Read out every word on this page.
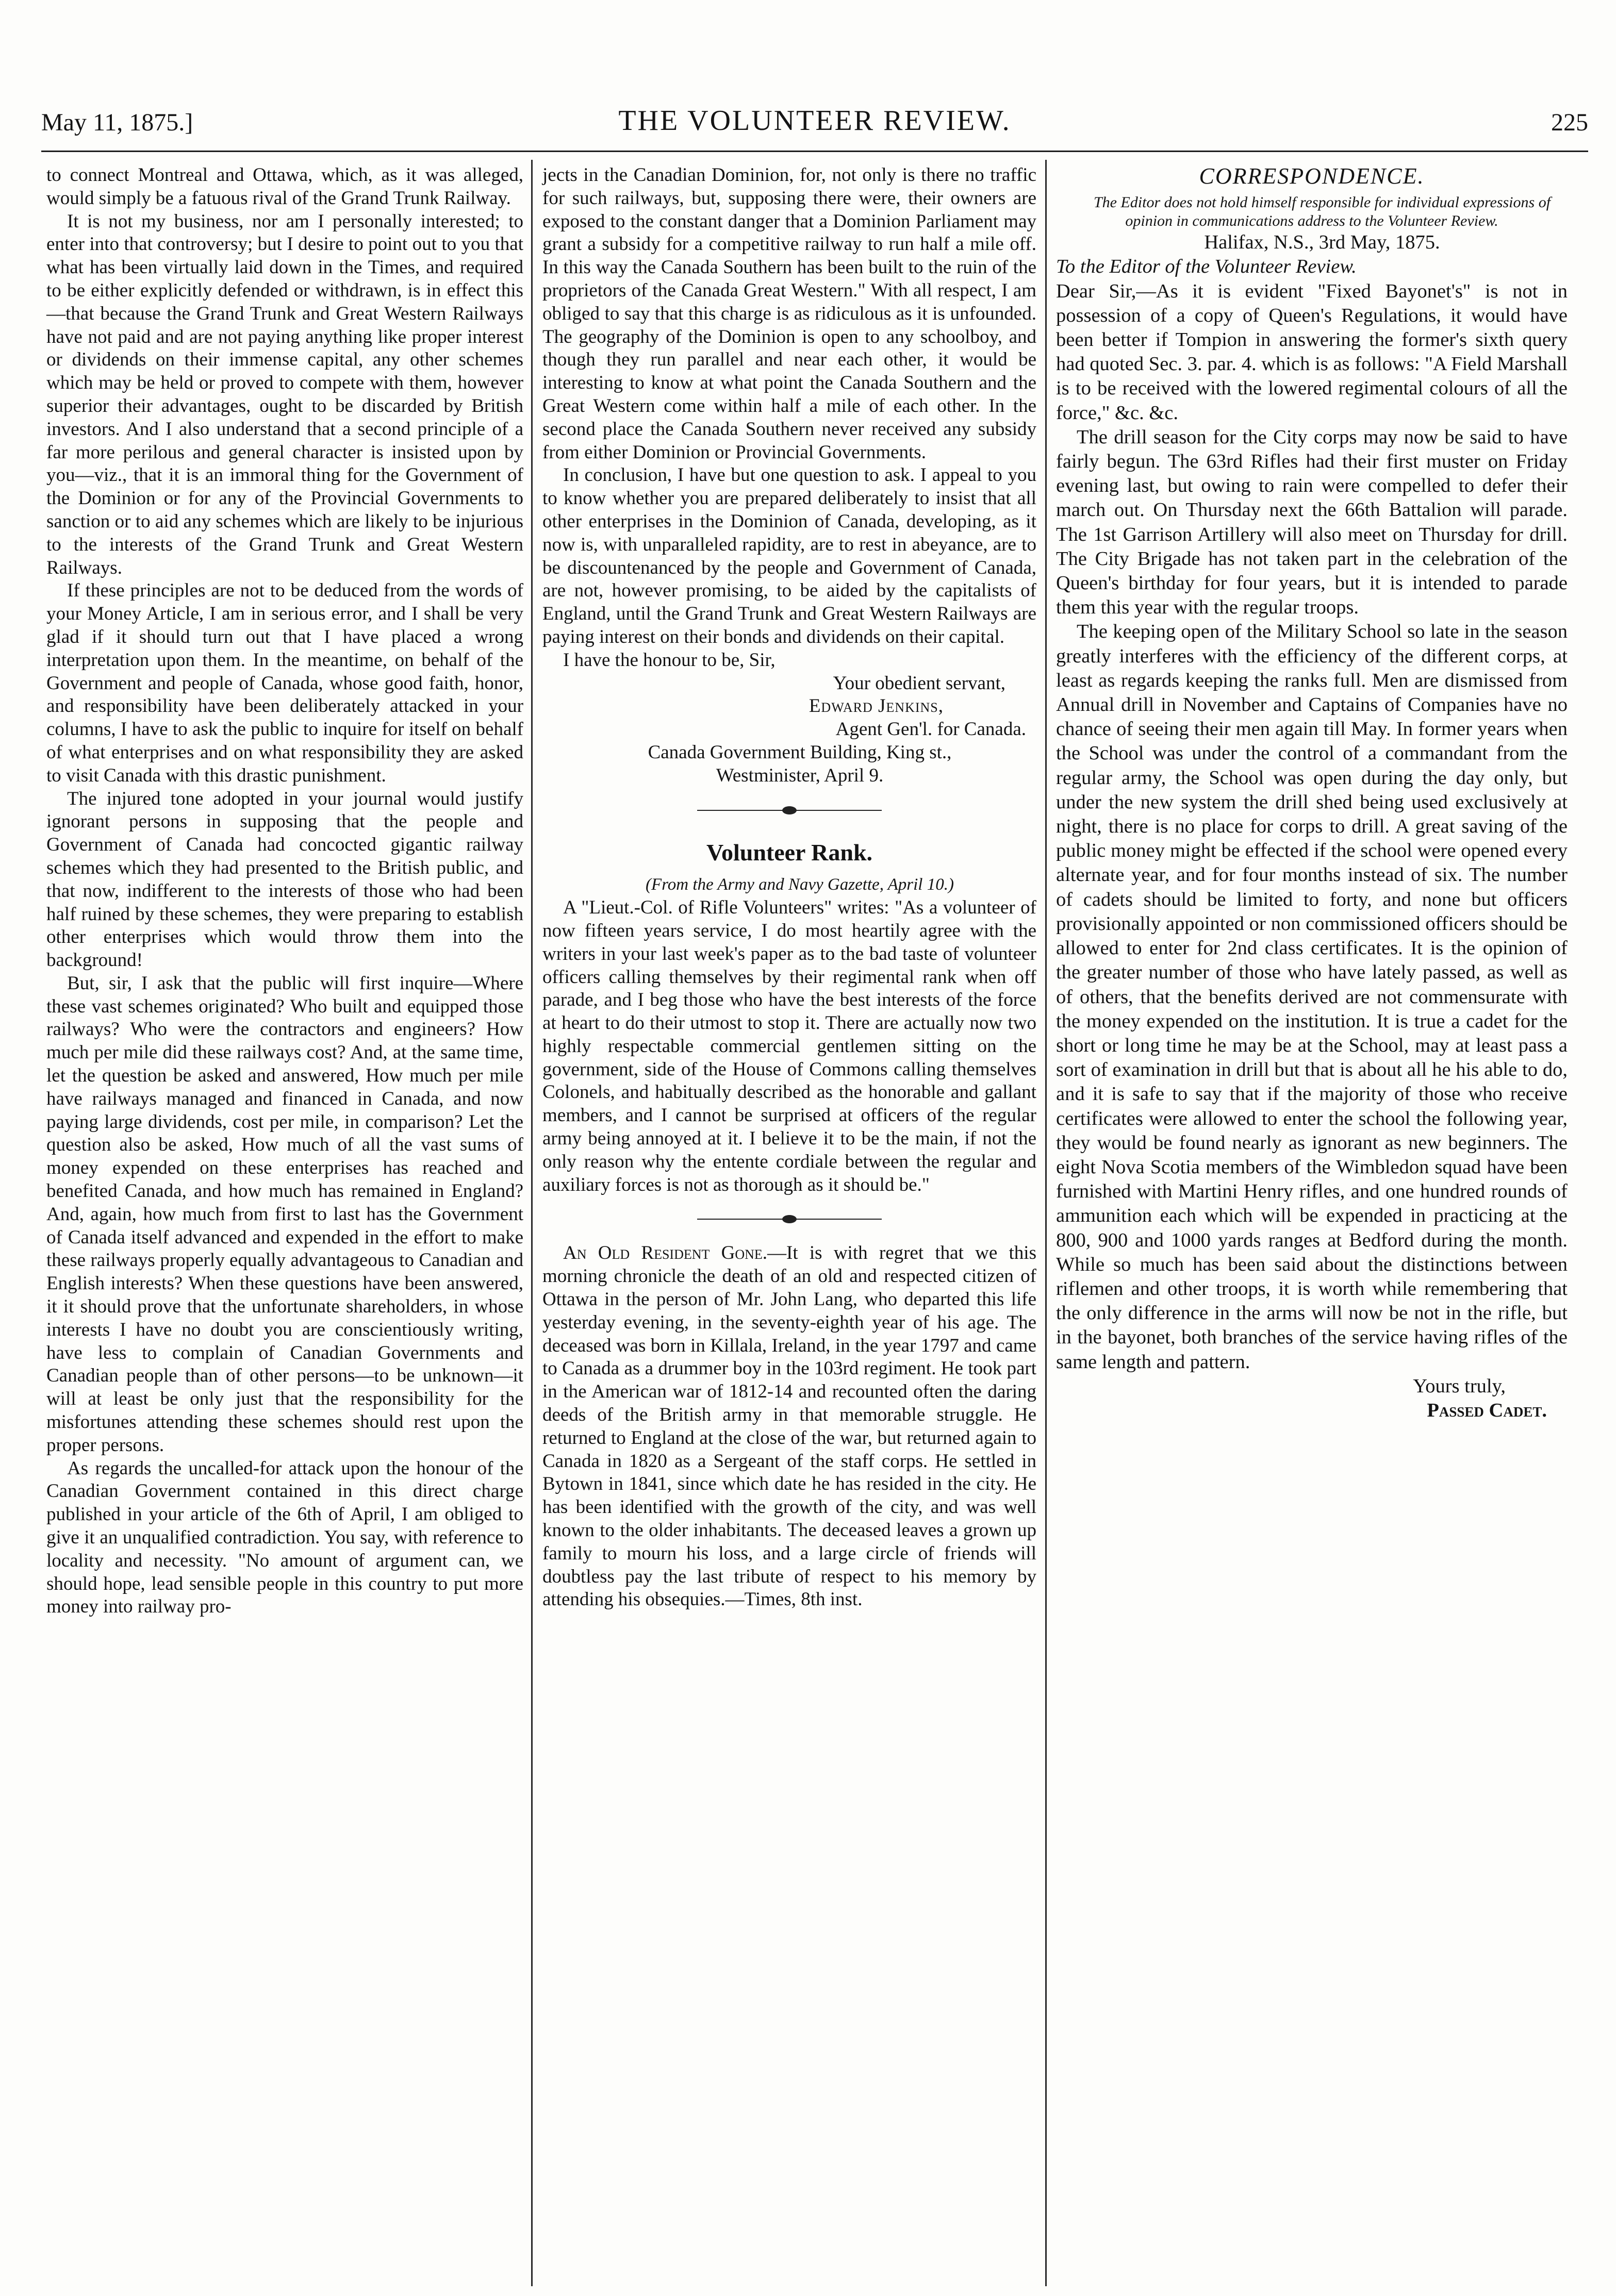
May 11, 1875.]	THE VOLUNTEER REVIEW.	225

to connect Montreal and Ottawa, which, as it was alleged, would simply be a fatuous rival of the Grand Trunk Railway.

It is not my business, nor am I personally interested; to enter into that controversy; but I desire to point out to you that what has been virtually laid down in the Times, and required to be either explicitly defended or withdrawn, is in effect this—that because the Grand Trunk and Great Western Railways have not paid and are not paying anything like proper interest or dividends on their immense capital, any other schemes which may be held or proved to compete with them, however superior their advantages, ought to be discarded by British investors. And I also understand that a second principle of a far more perilous and general character is insisted upon by you—viz., that it is an immoral thing for the Government of the Dominion or for any of the Provincial Governments to sanction or to aid any schemes which are likely to be injurious to the interests of the Grand Trunk and Great Western Railways.

If these principles are not to be deduced from the words of your Money Article, I am in serious error, and I shall be very glad if it should turn out that I have placed a wrong interpretation upon them. In the meantime, on behalf of the Government and people of Canada, whose good faith, honor, and responsibility have been deliberately attacked in your columns, I have to ask the public to inquire for itself on behalf of what enterprises and on what responsibility they are asked to visit Canada with this drastic punishment.

The injured tone adopted in your journal would justify ignorant persons in supposing that the people and Government of Canada had concocted gigantic railway schemes which they had presented to the British public, and that now, indifferent to the interests of those who had been half ruined by these schemes, they were preparing to establish other enterprises which would throw them into the background!

But, sir, I ask that the public will first inquire—Where these vast schemes originated? Who built and equipped those railways? Who were the contractors and engineers? How much per mile did these railways cost? And, at the same time, let the question be asked and answered, How much per mile have railways managed and financed in Canada, and now paying large dividends, cost per mile, in comparison? Let the question also be asked, How much of all the vast sums of money expended on these enterprises has reached and benefited Canada, and how much has remained in England? And, again, how much from first to last has the Government of Canada itself advanced and expended in the effort to make these railways properly equally advantageous to Canadian and English interests? When these questions have been answered, it it should prove that the unfortunate shareholders, in whose interests I have no doubt you are conscientiously writing, have less to complain of Canadian Governments and Canadian people than of other persons—to be unknown—it will at least be only just that the responsibility for the misfortunes attending these schemes should rest upon the proper persons.

As regards the uncalled-for attack upon the honour of the Canadian Government contained in this direct charge published in your article of the 6th of April, I am obliged to give it an unqualified contradiction. You say, with reference to locality and necessity. "No amount of argument can, we should hope, lead sensible people in this country to put more money into railway pro-

jects in the Canadian Dominion, for, not only is there no traffic for such railways, but, supposing there were, their owners are exposed to the constant danger that a Dominion Parliament may grant a subsidy for a competitive railway to run half a mile off. In this way the Canada Southern has been built to the ruin of the proprietors of the Canada Great Western." With all respect, I am obliged to say that this charge is as ridiculous as it is unfounded. The geography of the Dominion is open to any schoolboy, and though they run parallel and near each other, it would be interesting to know at what point the Canada Southern and the Great Western come within half a mile of each other. In the second place the Canada Southern never received any subsidy from either Dominion or Provincial Governments.

In conclusion, I have but one question to ask. I appeal to you to know whether you are prepared deliberately to insist that all other enterprises in the Dominion of Canada, developing, as it now is, with unparalleled rapidity, are to rest in abeyance, are to be discountenanced by the people and Government of Canada, are not, however promising, to be aided by the capitalists of England, until the Grand Trunk and Great Western Railways are paying interest on their bonds and dividends on their capital.

I have the honour to be, Sir,

Your obedient servant,

Edward Jenkins,

Agent Gen'l. for Canada.

Canada Government Building, King st.,

Westminister, April 9.

Volunteer Rank.

(From the Army and Navy Gazette, April 10.)

A "Lieut.-Col. of Rifle Volunteers" writes: "As a volunteer of now fifteen years service, I do most heartily agree with the writers in your last week's paper as to the bad taste of volunteer officers calling themselves by their regimental rank when off parade, and I beg those who have the best interests of the force at heart to do their utmost to stop it. There are actually now two highly respectable commercial gentlemen sitting on the government, side of the House of Commons calling themselves Colonels, and habitually described as the honorable and gallant members, and I cannot be surprised at officers of the regular army being annoyed at it. I believe it to be the main, if not the only reason why the entente cordiale between the regular and auxiliary forces is not as thorough as it should be."

An Old Resident Gone.—It is with regret that we this morning chronicle the death of an old and respected citizen of Ottawa in the person of Mr. John Lang, who departed this life yesterday evening, in the seventy-eighth year of his age. The deceased was born in Killala, Ireland, in the year 1797 and came to Canada as a drummer boy in the 103rd regiment. He took part in the American war of 1812-14 and recounted often the daring deeds of the British army in that memorable struggle. He returned to England at the close of the war, but returned again to Canada in 1820 as a Sergeant of the staff corps. He settled in Bytown in 1841, since which date he has resided in the city. He has been identified with the growth of the city, and was well known to the older inhabitants. The deceased leaves a grown up family to mourn his loss, and a large circle of friends will doubtless pay the last tribute of respect to his memory by attending his obsequies.—Times, 8th inst.

CORRESPONDENCE.

The Editor does not hold himself responsible for individual expressions of opinion in communications address to the Volunteer Review.

Halifax, N.S., 3rd May, 1875.

To the Editor of the Volunteer Review.

Dear Sir,—As it is evident "Fixed Bayonet's" is not in possession of a copy of Queen's Regulations, it would have been better if Tompion in answering the former's sixth query had quoted Sec. 3. par. 4. which is as follows: "A Field Marshall is to be received with the lowered regimental colours of all the force," &c. &c.

The drill season for the City corps may now be said to have fairly begun. The 63rd Rifles had their first muster on Friday evening last, but owing to rain were compelled to defer their march out. On Thursday next the 66th Battalion will parade. The 1st Garrison Artillery will also meet on Thursday for drill. The City Brigade has not taken part in the celebration of the Queen's birthday for four years, but it is intended to parade them this year with the regular troops.

The keeping open of the Military School so late in the season greatly interferes with the efficiency of the different corps, at least as regards keeping the ranks full. Men are dismissed from Annual drill in November and Captains of Companies have no chance of seeing their men again till May. In former years when the School was under the control of a commandant from the regular army, the School was open during the day only, but under the new system the drill shed being used exclusively at night, there is no place for corps to drill. A great saving of the public money might be effected if the school were opened every alternate year, and for four months instead of six. The number of cadets should be limited to forty, and none but officers provisionally appointed or non commissioned officers should be allowed to enter for 2nd class certificates. It is the opinion of the greater number of those who have lately passed, as well as of others, that the benefits derived are not commensurate with the money expended on the institution. It is true a cadet for the short or long time he may be at the School, may at least pass a sort of examination in drill but that is about all he his able to do, and it is safe to say that if the majority of those who receive certificates were allowed to enter the school the following year, they would be found nearly as ignorant as new beginners. The eight Nova Scotia members of the Wimbledon squad have been furnished with Martini Henry rifles, and one hundred rounds of ammunition each which will be expended in practicing at the 800, 900 and 1000 yards ranges at Bedford during the month. While so much has been said about the distinctions between riflemen and other troops, it is worth while remembering that the only difference in the arms will now be not in the rifle, but in the bayonet, both branches of the service having rifles of the same length and pattern.

Yours truly,

Passed Cadet.
